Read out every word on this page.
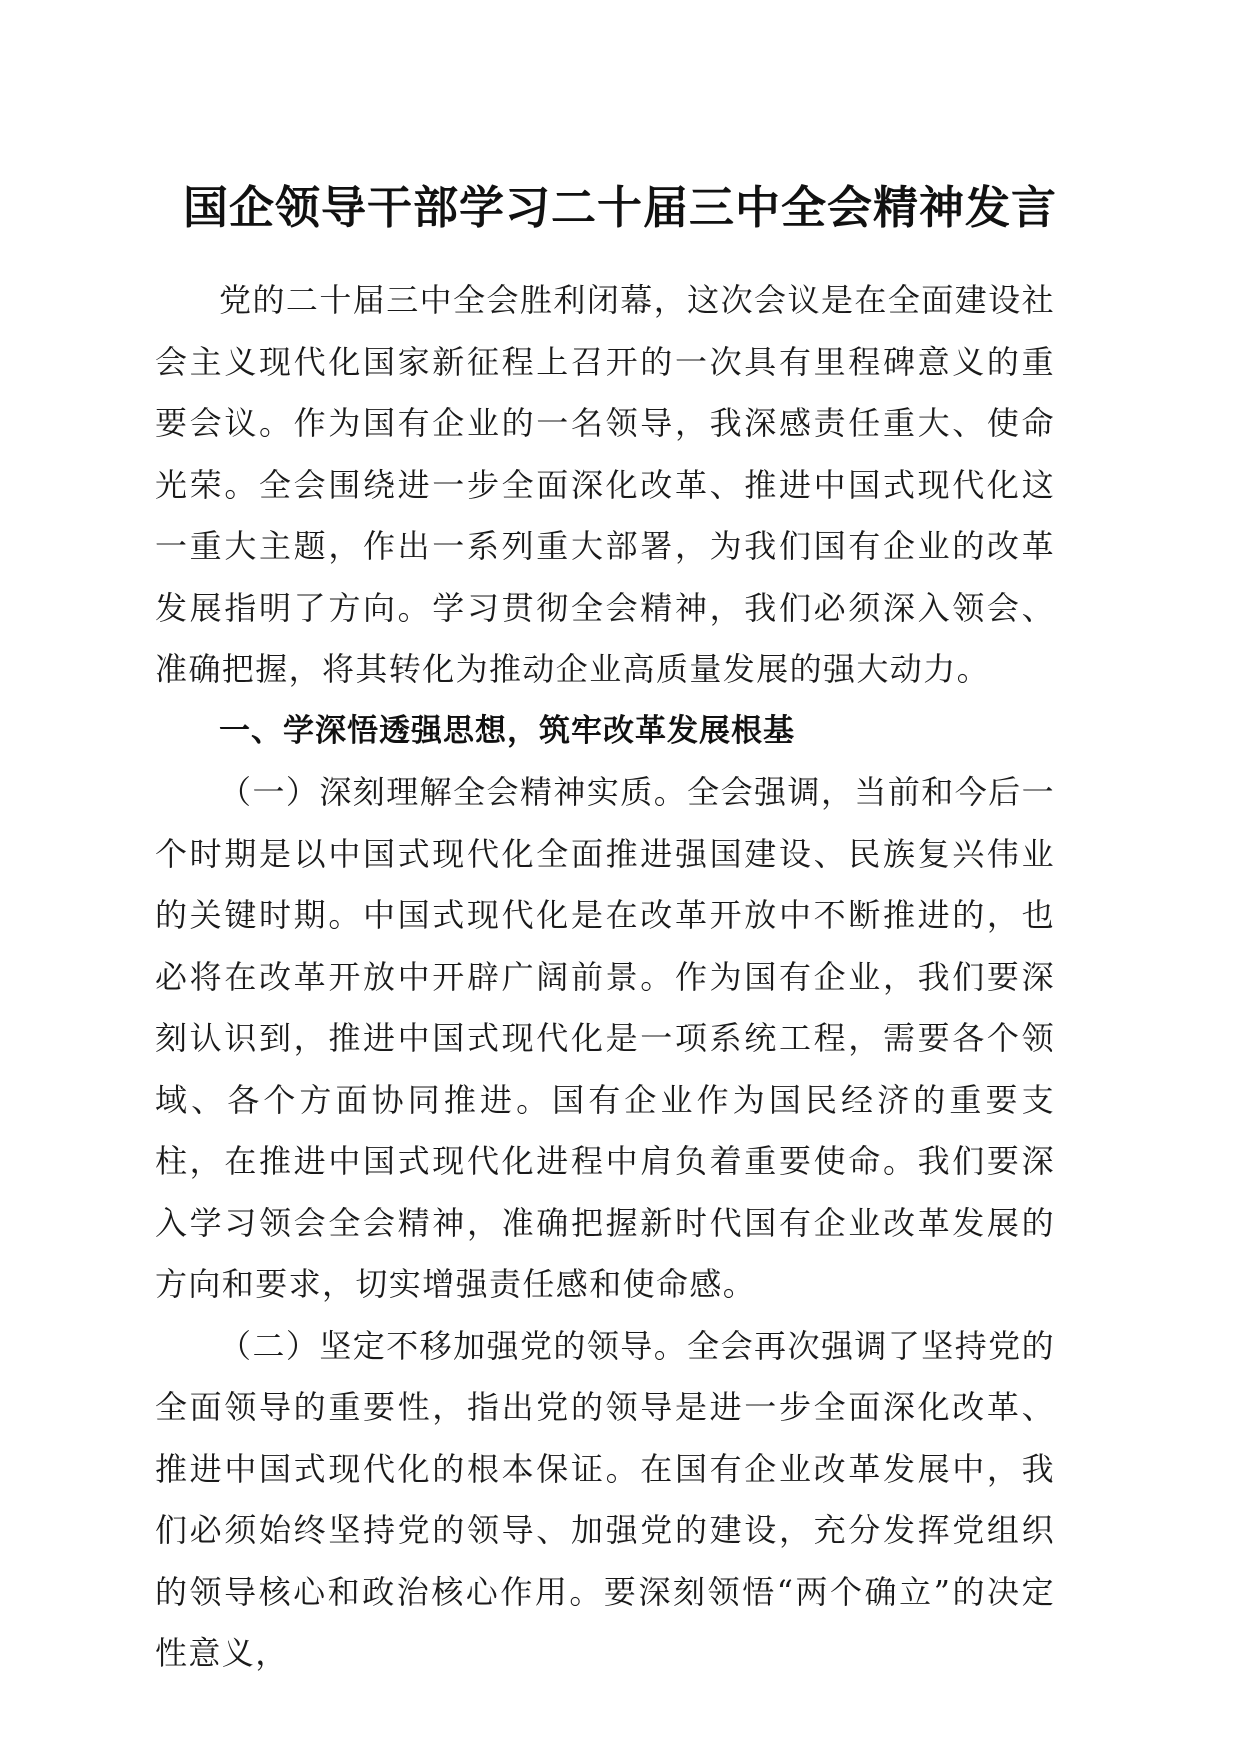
国企领导干部学习二十届三中全会精神发言

党的二十届三中全会胜利闭幕，这次会议是在全面建设社会主义现代化国家新征程上召开的一次具有里程碑意义的重要会议。作为国有企业的一名领导，我深感责任重大、使命光荣。全会围绕进一步全面深化改革、推进中国式现代化这一重大主题，作出一系列重大部署，为我们国有企业的改革发展指明了方向。学习贯彻全会精神，我们必须深入领会、准确把握，将其转化为推动企业高质量发展的强大动力。

一、学深悟透强思想，筑牢改革发展根基

（一）深刻理解全会精神实质。全会强调，当前和今后一个时期是以中国式现代化全面推进强国建设、民族复兴伟业的关键时期。中国式现代化是在改革开放中不断推进的，也必将在改革开放中开辟广阔前景。作为国有企业，我们要深刻认识到，推进中国式现代化是一项系统工程，需要各个领域、各个方面协同推进。国有企业作为国民经济的重要支柱，在推进中国式现代化进程中肩负着重要使命。我们要深入学习领会全会精神，准确把握新时代国有企业改革发展的方向和要求，切实增强责任感和使命感。

（二）坚定不移加强党的领导。全会再次强调了坚持党的全面领导的重要性，指出党的领导是进一步全面深化改革、推进中国式现代化的根本保证。在国有企业改革发展中，我们必须始终坚持党的领导、加强党的建设，充分发挥党组织的领导核心和政治核心作用。要深刻领悟“两个确立”的决定性意义，
